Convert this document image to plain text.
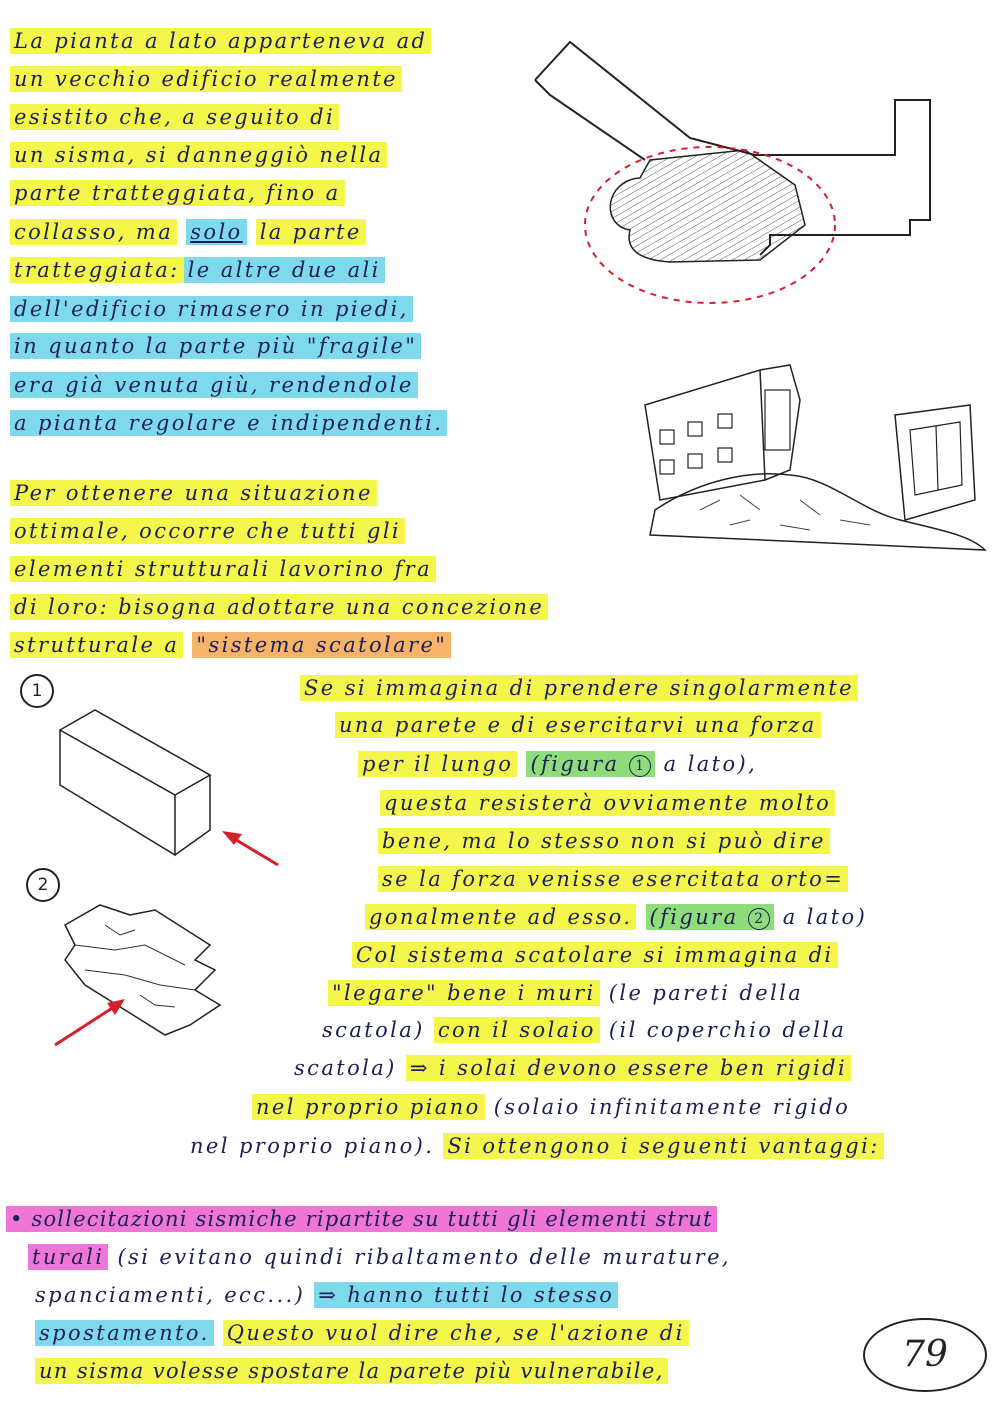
La pianta a lato apparteneva ad
un vecchio edificio realmente
esistito che, a seguito di
un sisma, si danneggiò nella
parte tratteggiata, fino a
collasso, ma solo la parte
tratteggiata: le altre due ali
dell'edificio rimasero in piedi,
in quanto la parte più "fragile"
era già venuta giù, rendendole
a pianta regolare e indipendenti.
Per ottenere una situazione
ottimale, occorre che tutti gli
elementi strutturali lavorino fra
di loro: bisogna adottare una concezione
strutturale a "sistema scatolare"
1
2
Se si immagina di prendere singolarmente
una parete e di esercitarvi una forza
per il lungo (figura 1 a lato),
questa resisterà ovviamente molto
bene, ma lo stesso non si può dire
se la forza venisse esercitata orto=
gonalmente ad esso. (figura 2 a lato)
Col sistema scatolare si immagina di
"legare" bene i muri (le pareti della
scatola) con il solaio (il coperchio della
scatola) ⇒ i solai devono essere ben rigidi
nel proprio piano (solaio infinitamente rigido
nel proprio piano). Si ottengono i seguenti vantaggi:
• sollecitazioni sismiche ripartite su tutti gli elementi strut
turali (si evitano quindi ribaltamento delle murature,
spanciamenti, ecc...) ⇒ hanno tutti lo stesso
spostamento. Questo vuol dire che, se l'azione di
un sisma volesse spostare la parete più vulnerabile,	79
